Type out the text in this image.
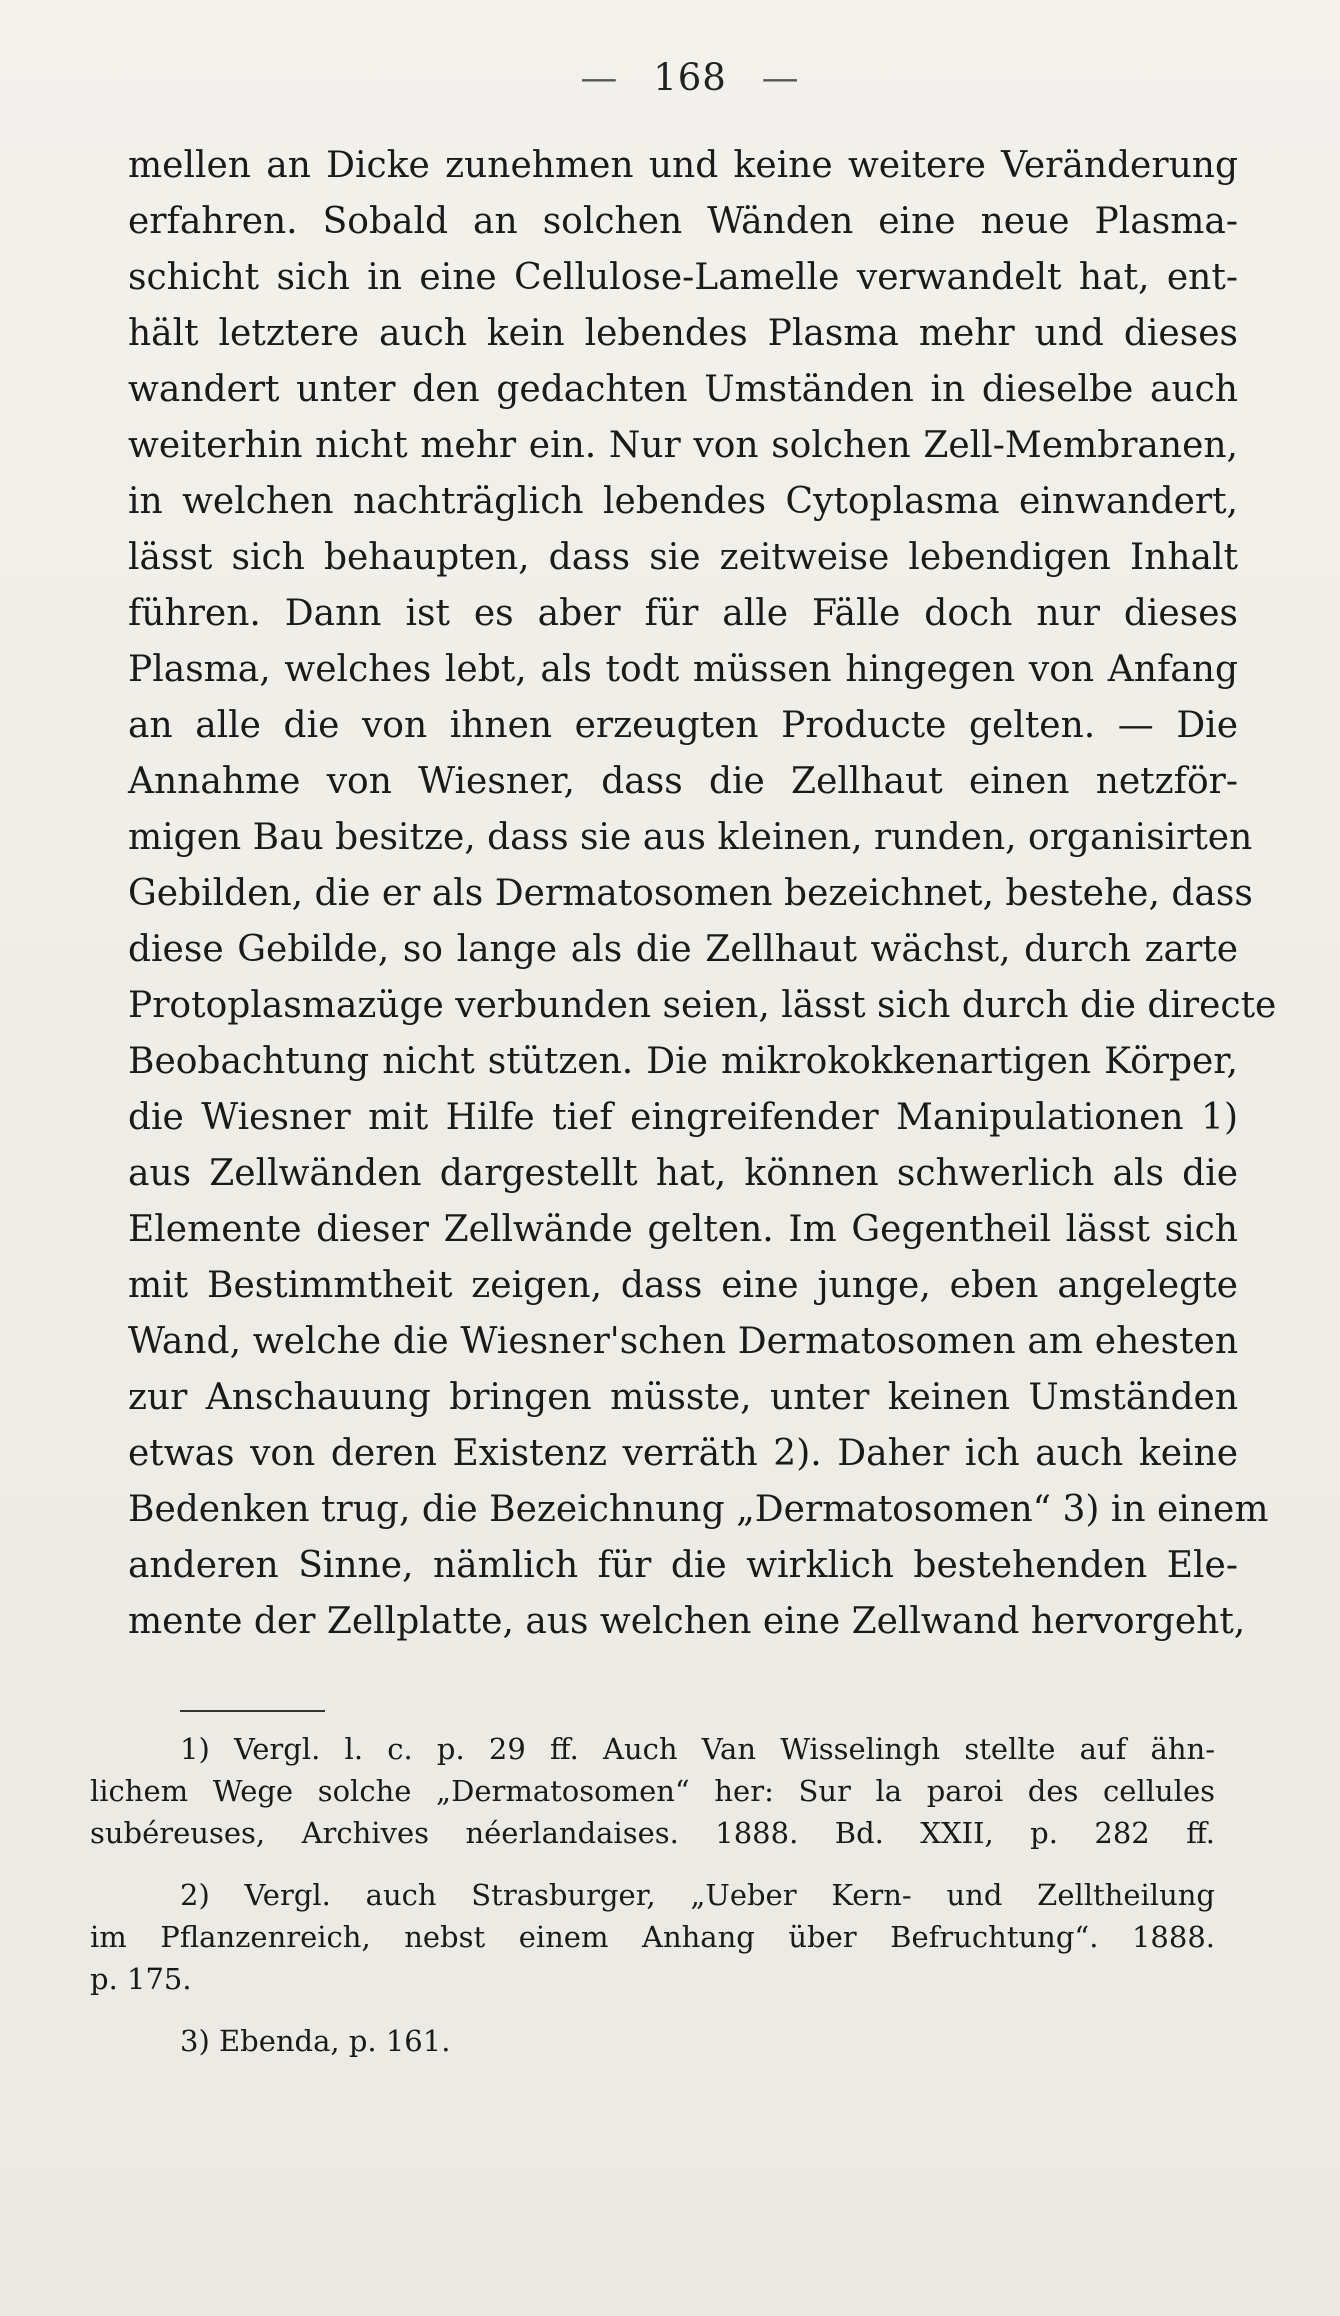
— 168 —
mellen an Dicke zunehmen und keine weitere Veränderung
erfahren. Sobald an solchen Wänden eine neue Plasma-
schicht sich in eine Cellulose-Lamelle verwandelt hat, ent-
hält letztere auch kein lebendes Plasma mehr und dieses
wandert unter den gedachten Umständen in dieselbe auch
weiterhin nicht mehr ein. Nur von solchen Zell-Membranen,
in welchen nachträglich lebendes Cytoplasma einwandert,
lässt sich behaupten, dass sie zeitweise lebendigen Inhalt
führen. Dann ist es aber für alle Fälle doch nur dieses
Plasma, welches lebt, als todt müssen hingegen von Anfang
an alle die von ihnen erzeugten Producte gelten. — Die
Annahme von Wiesner, dass die Zellhaut einen netzför-
migen Bau besitze, dass sie aus kleinen, runden, organisirten
Gebilden, die er als Dermatosomen bezeichnet, bestehe, dass
diese Gebilde, so lange als die Zellhaut wächst, durch zarte
Protoplasmazüge verbunden seien, lässt sich durch die directe
Beobachtung nicht stützen. Die mikrokokkenartigen Körper,
die Wiesner mit Hilfe tief eingreifender Manipulationen 1)
aus Zellwänden dargestellt hat, können schwerlich als die
Elemente dieser Zellwände gelten. Im Gegentheil lässt sich
mit Bestimmtheit zeigen, dass eine junge, eben angelegte
Wand, welche die Wiesner'schen Dermatosomen am ehesten
zur Anschauung bringen müsste, unter keinen Umständen
etwas von deren Existenz verräth 2). Daher ich auch keine
Bedenken trug, die Bezeichnung „Dermatosomen“ 3) in einem
anderen Sinne, nämlich für die wirklich bestehenden Ele-
mente der Zellplatte, aus welchen eine Zellwand hervorgeht,
1) Vergl. l. c. p. 29 ff. Auch Van Wisselingh stellte auf ähn-
lichem Wege solche „Dermatosomen“ her: Sur la paroi des cellules
subéreuses, Archives néerlandaises. 1888. Bd. XXII, p. 282 ff.
2) Vergl. auch Strasburger, „Ueber Kern- und Zelltheilung
im Pflanzenreich, nebst einem Anhang über Befruchtung“. 1888.
p. 175.
3) Ebenda, p. 161.
